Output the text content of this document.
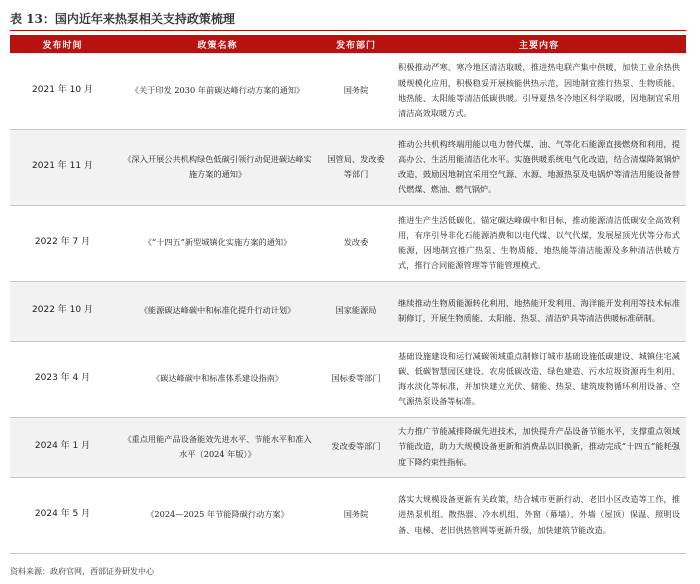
表 13：国内近年来热泵相关支持政策梳理
发布时间	政策名称	发布部门	主要内容
2021 年 10 月	《关于印发 2030 年前碳达峰行动方案的通知》	国务院	积极推动严寒、寒冷地区清洁取暖，推进热电联产集中供暖，加快工业余热供暖规模化应用，积极稳妥开展核能供热示范，因地制宜推行热泵、生物质能、地热能、太阳能等清洁低碳供暖。引导夏热冬冷地区科学取暖，因地制宜采用清洁高效取暖方式。
2021 年 11 月	《深入开展公共机构绿色低碳引领行动促进碳达峰实施方案的通知》	国管局、发改委等部门	推动公共机构终端用能以电力替代煤、油、气等化石能源直接燃烧和利用，提高办公、生活用能清洁化水平。实施供暖系统电气化改造，结合清煤降氮锅炉改造，鼓励因地制宜采用空气源、水源、地源热泵及电锅炉等清洁用能设备替代燃煤、燃油、燃气锅炉。
2022 年 7 月	《“十四五”新型城镇化实施方案的通知》	发改委	推进生产生活低碳化。锚定碳达峰碳中和目标，推动能源清洁低碳安全高效利用，有序引导非化石能源消费和以电代煤、以气代煤，发展屋顶光伏等分布式能源，因地制宜推广热泵、生物质能、地热能等清洁能源及多种清洁供暖方式，推行合同能源管理等节能管理模式。
2022 年 10 月	《能源碳达峰碳中和标准化提升行动计划》	国家能源局	继续推动生物质能源转化利用、地热能开发利用、海洋能开发利用等技术标准制修订，开展生物质能、太阳能、热泵、清洁炉具等清洁供暖标准研制。
2023 年 4 月	《碳达峰碳中和标准体系建设指南》	国标委等部门	基础设施建设和运行减碳领域重点制修订城市基础设施低碳建设、城镇住宅减碳、低碳智慧园区建设、农房低碳改造、绿色建造、污水垃圾资源再生利用、海水淡化等标准，并加快建立光伏、储能、热泵、建筑废物循环利用设备、空气源热泵设备等标准。
2024 年 1 月	《重点用能产品设备能效先进水平、节能水平和准入水平（2024 年版）》	发改委等部门	大力推广节能减排降碳先进技术，加快提升产品设备节能水平，支撑重点领域节能改造，助力大规模设备更新和消费品以旧换新，推动完成“十四五”能耗强度下降约束性指标。
2024 年 5 月	《2024—2025 年节能降碳行动方案》	国务院	落实大规模设备更新有关政策，结合城市更新行动、老旧小区改造等工作，推进热泵机组、散热器、冷水机组、外窗（幕墙）、外墙（屋顶）保温、照明设备、电梯、老旧供热管网等更新升级，加快建筑节能改造。
资料来源：政府官网，西部证券研发中心
